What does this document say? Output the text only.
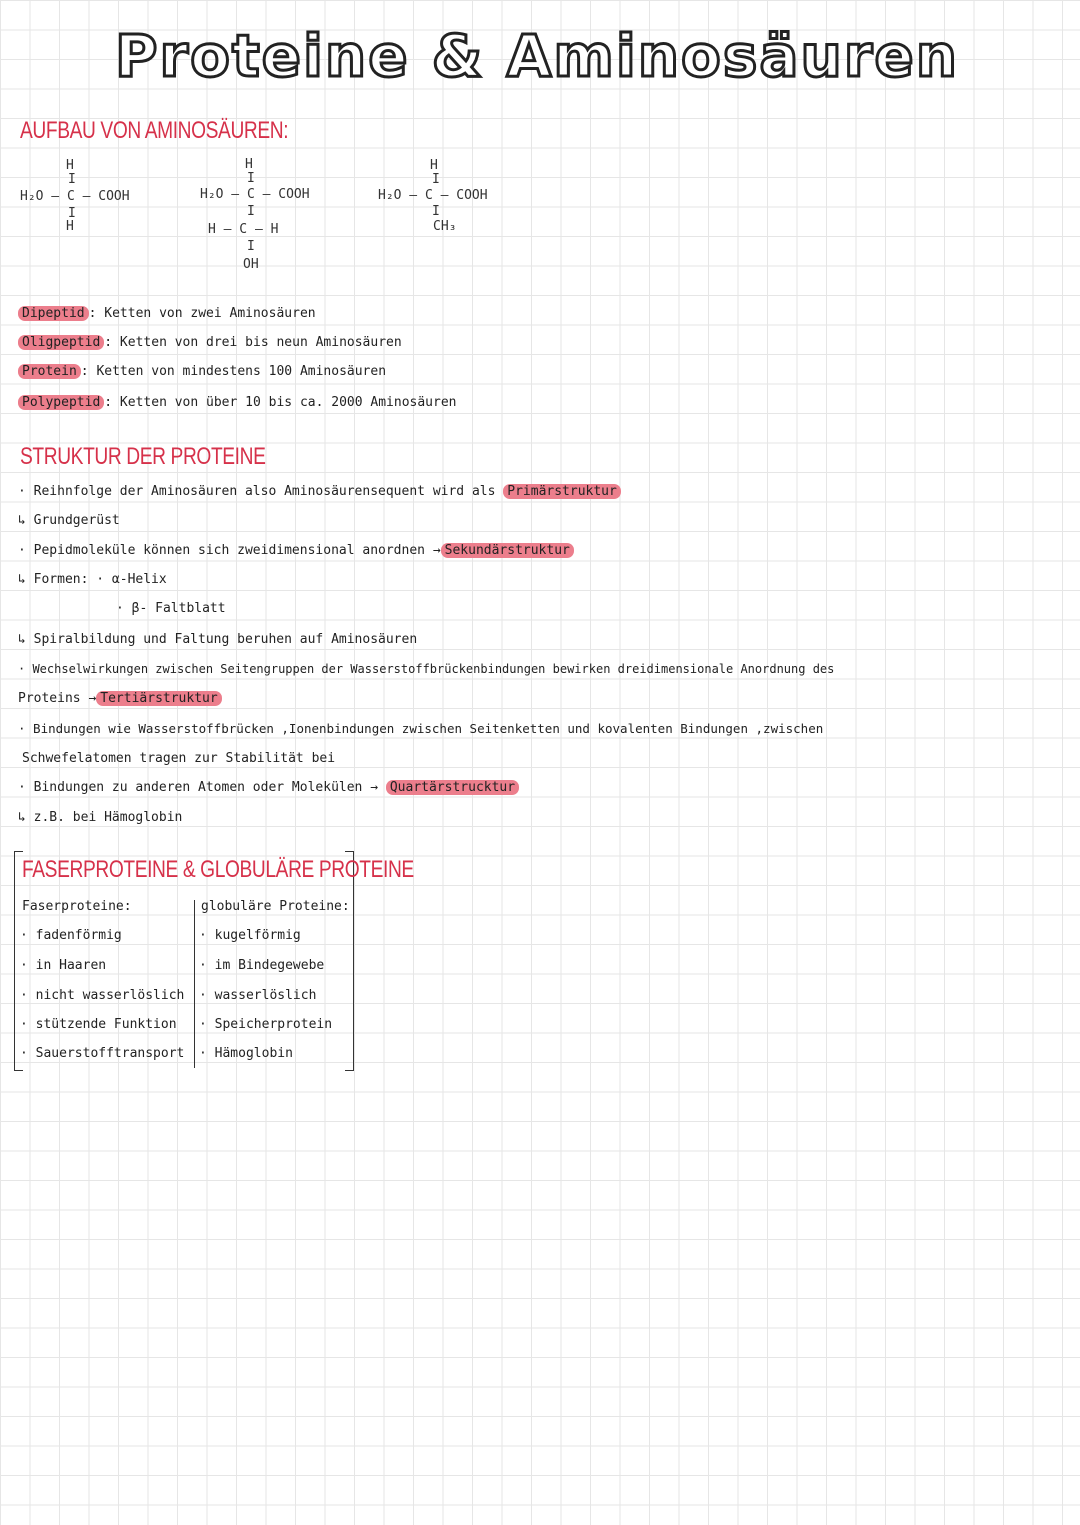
Proteine & Aminosäuren
AUFBAU VON AMINOSÄUREN:
H
I
H₂O – C – COOH
I
H
H
I
H₂O – C – COOH
I
H – C – H
I
OH
H
I
H₂O – C – COOH
I
CH₃
Dipeptid : Ketten von zwei Aminosäuren
Oligpeptid : Ketten von drei bis neun Aminosäuren
Protein : Ketten von mindestens 100 Aminosäuren
Polypeptid : Ketten von über 10 bis ca. 2000 Aminosäuren
STRUKTUR DER PROTEINE
· Reihnfolge der Aminosäuren also Aminosäurensequent wird als Primärstruktur
↳ Grundgerüst
· Pepidmoleküle können sich zweidimensional anordnen → Sekundärstruktur
↳ Formen: · α-Helix
· β- Faltblatt
↳ Spiralbildung und Faltung beruhen auf Aminosäuren
· Wechselwirkungen zwischen Seitengruppen der Wasserstoffbrückenbindungen bewirken dreidimensionale Anordnung des
Proteins → Tertiärstruktur
· Bindungen wie Wasserstoffbrücken ,Ionenbindungen zwischen Seitenketten und kovalenten Bindungen ,zwischen
Schwefelatomen tragen zur Stabilität bei
· Bindungen zu anderen Atomen oder Molekülen → Quartärstrucktur
↳ z.B. bei Hämoglobin
FASERPROTEINE & GLOBULÄRE PROTEINE
Faserproteine:
· fadenförmig
· in Haaren
· nicht wasserlöslich
· stützende Funktion
· Sauerstofftransport
globuläre Proteine:
· kugelförmig
· im Bindegewebe
· wasserlöslich
· Speicherprotein
· Hämoglobin
